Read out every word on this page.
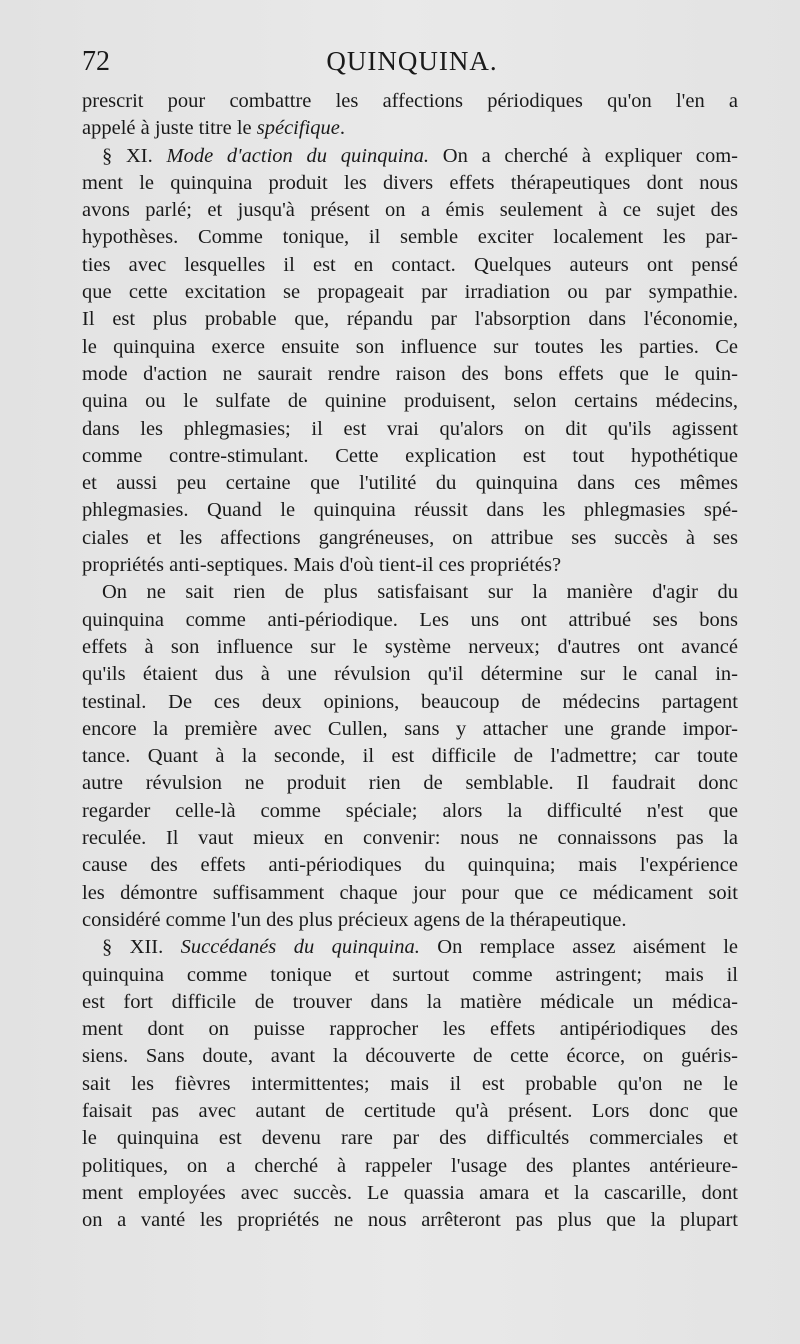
72	QUINQUINA.
prescrit pour combattre les affections périodiques qu'on l'en a
appelé à juste titre le spécifique.
§ XI. Mode d'action du quinquina. On a cherché à expliquer com-
ment le quinquina produit les divers effets thérapeutiques dont nous
avons parlé; et jusqu'à présent on a émis seulement à ce sujet des
hypothèses. Comme tonique, il semble exciter localement les par-
ties avec lesquelles il est en contact. Quelques auteurs ont pensé
que cette excitation se propageait par irradiation ou par sympathie.
Il est plus probable que, répandu par l'absorption dans l'économie,
le quinquina exerce ensuite son influence sur toutes les parties. Ce
mode d'action ne saurait rendre raison des bons effets que le quin-
quina ou le sulfate de quinine produisent, selon certains médecins,
dans les phlegmasies; il est vrai qu'alors on dit qu'ils agissent
comme contre-stimulant. Cette explication est tout hypothétique
et aussi peu certaine que l'utilité du quinquina dans ces mêmes
phlegmasies. Quand le quinquina réussit dans les phlegmasies spé-
ciales et les affections gangréneuses, on attribue ses succès à ses
propriétés anti-septiques. Mais d'où tient-il ces propriétés?
On ne sait rien de plus satisfaisant sur la manière d'agir du
quinquina comme anti-périodique. Les uns ont attribué ses bons
effets à son influence sur le système nerveux; d'autres ont avancé
qu'ils étaient dus à une révulsion qu'il détermine sur le canal in-
testinal. De ces deux opinions, beaucoup de médecins partagent
encore la première avec Cullen, sans y attacher une grande impor-
tance. Quant à la seconde, il est difficile de l'admettre; car toute
autre révulsion ne produit rien de semblable. Il faudrait donc
regarder celle-là comme spéciale; alors la difficulté n'est que
reculée. Il vaut mieux en convenir: nous ne connaissons pas la
cause des effets anti-périodiques du quinquina; mais l'expérience
les démontre suffisamment chaque jour pour que ce médicament soit
considéré comme l'un des plus précieux agens de la thérapeutique.
§ XII. Succédanés du quinquina. On remplace assez aisément le
quinquina comme tonique et surtout comme astringent; mais il
est fort difficile de trouver dans la matière médicale un médica-
ment dont on puisse rapprocher les effets antipériodiques des
siens. Sans doute, avant la découverte de cette écorce, on guéris-
sait les fièvres intermittentes; mais il est probable qu'on ne le
faisait pas avec autant de certitude qu'à présent. Lors donc que
le quinquina est devenu rare par des difficultés commerciales et
politiques, on a cherché à rappeler l'usage des plantes antérieure-
ment employées avec succès. Le quassia amara et la cascarille, dont
on a vanté les propriétés ne nous arrêteront pas plus que la plupart
